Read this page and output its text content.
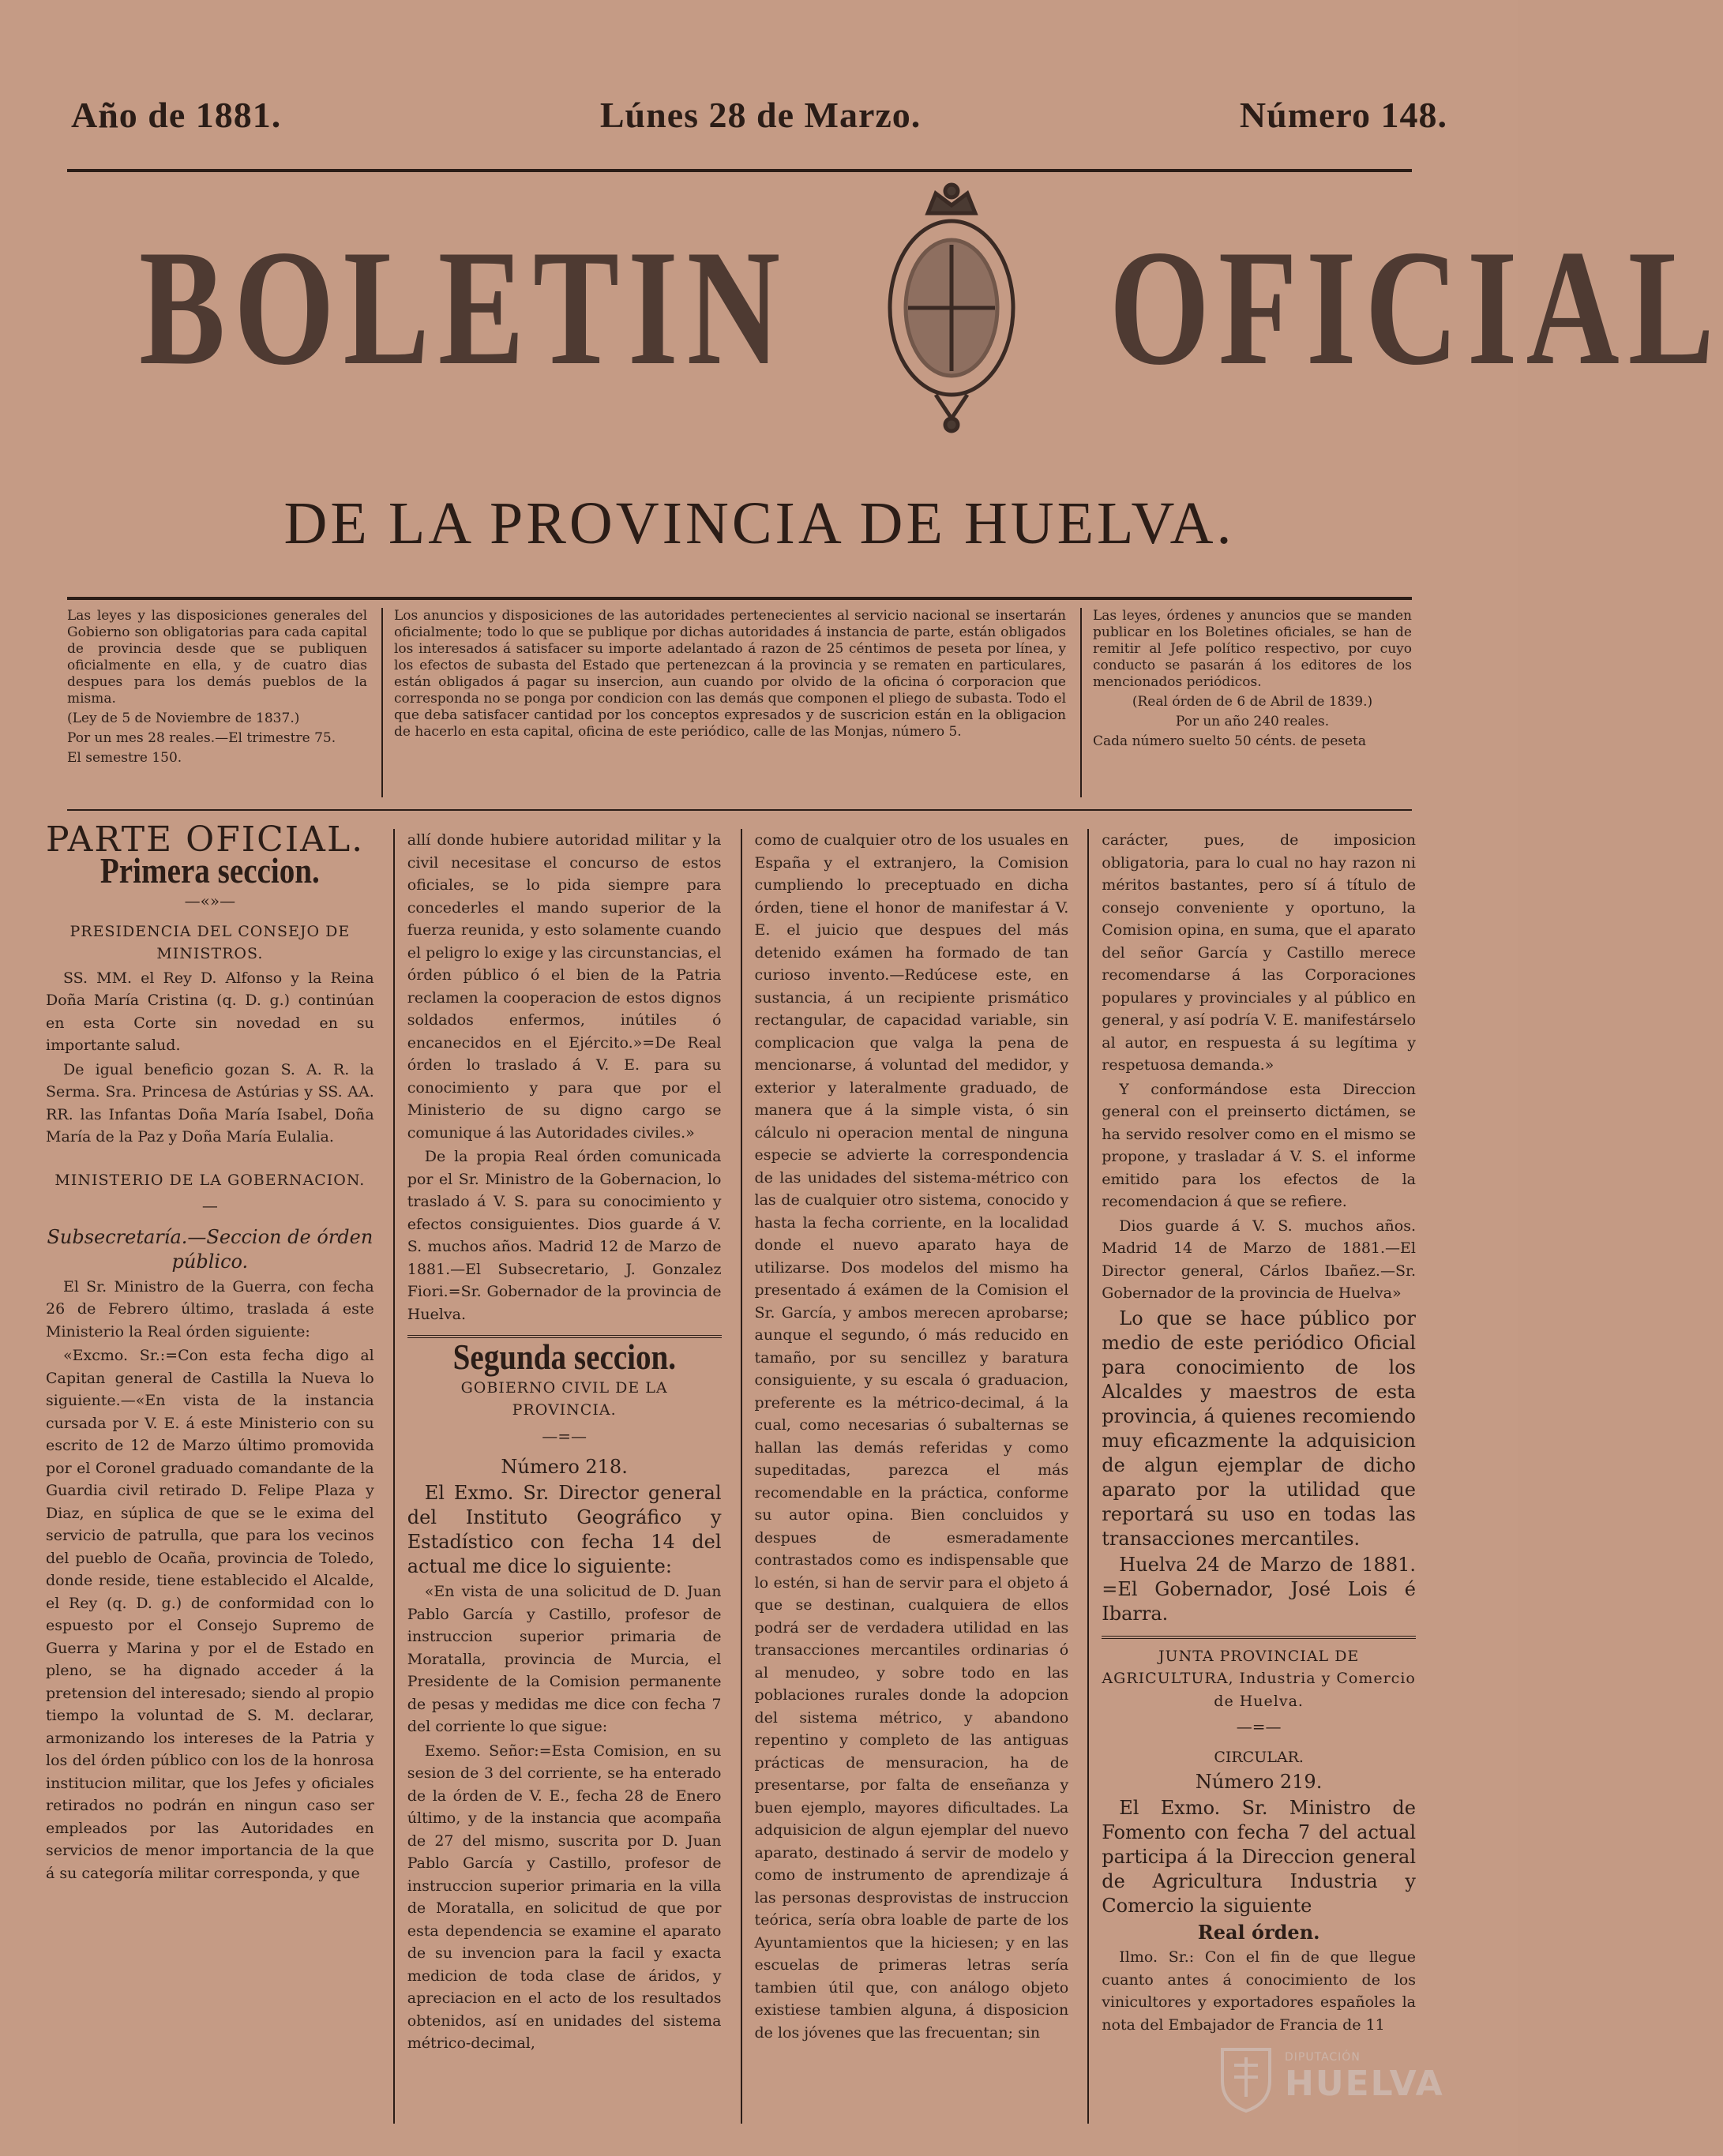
Año de 1881.	Lúnes 28 de Marzo.	Número 148.
BOLETIN OFICIAL
DE LA PROVINCIA DE HUELVA.

Las leyes y las disposiciones generales del Gobierno son obligatorias para cada capital de provincia desde que se publiquen oficialmente en ella, y de cuatro dias despues para los demás pueblos de la misma.

(Ley de 5 de Noviembre de 1837.)

Por un mes 28 reales.—El trimestre 75.

El semestre 150.

Los anuncios y disposiciones de las autoridades pertenecientes al servicio nacional se insertarán oficialmente; todo lo que se publique por dichas autoridades á instancia de parte, están obligados los interesados á satisfacer su importe adelantado á razon de 25 céntimos de peseta por línea, y los efectos de subasta del Estado que pertenezcan á la provincia y se rematen en particulares, están obligados á pagar su insercion, aun cuando por olvido de la oficina ó corporacion que corresponda no se ponga por condicion con las demás que componen el pliego de subasta. Todo el que deba satisfacer cantidad por los conceptos expresados y de suscricion están en la obligacion de hacerlo en esta capital, oficina de este periódico, calle de las Monjas, número 5.

Las leyes, órdenes y anuncios que se manden publicar en los Boletines oficiales, se han de remitir al Jefe político respectivo, por cuyo conducto se pasarán á los editores de los mencionados periódicos.

(Real órden de 6 de Abril de 1839.)

Por un año 240 reales.

Cada número suelto 50 cénts. de peseta

PARTE OFICIAL.

Primera seccion.
—«»—

PRESIDENCIA DEL CONSEJO DE MINISTROS.

SS. MM. el Rey D. Alfonso y la Reina Doña María Cristina (q. D. g.) continúan en esta Corte sin novedad en su importante salud.

De igual beneficio gozan S. A. R. la Serma. Sra. Princesa de Astúrias y SS. AA. RR. las Infantas Doña María Isabel, Doña María de la Paz y Doña María Eulalia.

MINISTERIO DE LA GOBERNACION.

—

Subsecretaría.—Seccion de órden público.

El Sr. Ministro de la Guerra, con fecha 26 de Febrero último, traslada á este Ministerio la Real órden siguiente:

«Excmo. Sr.:=Con esta fecha digo al Capitan general de Castilla la Nueva lo siguiente.—«En vista de la instancia cursada por V. E. á este Ministerio con su escrito de 12 de Marzo último promovida por el Coronel graduado comandante de la Guardia civil retirado D. Felipe Plaza y Diaz, en súplica de que se le exima del servicio de patrulla, que para los vecinos del pueblo de Ocaña, provincia de Toledo, donde reside, tiene establecido el Alcalde, el Rey (q. D. g.) de conformidad con lo espuesto por el Consejo Supremo de Guerra y Marina y por el de Estado en pleno, se ha dignado acceder á la pretension del interesado; siendo al propio tiempo la voluntad de S. M. declarar, armonizando los intereses de la Patria y los del órden público con los de la honrosa institucion militar, que los Jefes y oficiales retirados no podrán en ningun caso ser empleados por las Autoridades en servicios de menor importancia de la que á su categoría militar corresponda, y que

allí donde hubiere autoridad militar y la civil necesitase el concurso de estos oficiales, se lo pida siempre para concederles el mando superior de la fuerza reunida, y esto solamente cuando el peligro lo exige y las circunstancias, el órden público ó el bien de la Patria reclamen la cooperacion de estos dignos soldados enfermos, inútiles ó encanecidos en el Ejército.»=De Real órden lo traslado á V. E. para su conocimiento y para que por el Ministerio de su digno cargo se comunique á las Autoridades civiles.»

De la propia Real órden comunicada por el Sr. Ministro de la Gobernacion, lo traslado á V. S. para su conocimiento y efectos consiguientes. Dios guarde á V. S. muchos años. Madrid 12 de Marzo de 1881.—El Subsecretario, J. Gonzalez Fiori.=Sr. Gobernador de la provincia de Huelva.

Segunda seccion.

GOBIERNO CIVIL DE LA PROVINCIA.

—=—

Número 218.

El Exmo. Sr. Director general del Instituto Geográfico y Estadístico con fecha 14 del actual me dice lo siguiente:

«En vista de una solicitud de D. Juan Pablo García y Castillo, profesor de instruccion superior primaria de Moratalla, provincia de Murcia, el Presidente de la Comision permanente de pesas y medidas me dice con fecha 7 del corriente lo que sigue:

Exemo. Señor:=Esta Comision, en su sesion de 3 del corriente, se ha enterado de la órden de V. E., fecha 28 de Enero último, y de la instancia que acompaña de 27 del mismo, suscrita por D. Juan Pablo García y Castillo, profesor de instruccion superior primaria en la villa de Moratalla, en solicitud de que por esta dependencia se examine el aparato de su invencion para la facil y exacta medicion de toda clase de áridos, y apreciacion en el acto de los resultados obtenidos, así en unidades del sistema métrico-decimal,

como de cualquier otro de los usuales en España y el extranjero, la Comision cumpliendo lo preceptuado en dicha órden, tiene el honor de manifestar á V. E. el juicio que despues del más detenido exámen ha formado de tan curioso invento.—Redúcese este, en sustancia, á un recipiente prismático rectangular, de capacidad variable, sin complicacion que valga la pena de mencionarse, á voluntad del medidor, y exterior y lateralmente graduado, de manera que á la simple vista, ó sin cálculo ni operacion mental de ninguna especie se advierte la correspondencia de las unidades del sistema-métrico con las de cualquier otro sistema, conocido y hasta la fecha corriente, en la localidad donde el nuevo aparato haya de utilizarse. Dos modelos del mismo ha presentado á exámen de la Comision el Sr. García, y ambos merecen aprobarse; aunque el segundo, ó más reducido en tamaño, por su sencillez y baratura consiguiente, y su escala ó graduacion, preferente es la métrico-decimal, á la cual, como necesarias ó subalternas se hallan las demás referidas y como supeditadas, parezca el más recomendable en la práctica, conforme su autor opina. Bien concluidos y despues de esmeradamente contrastados como es indispensable que lo estén, si han de servir para el objeto á que se destinan, cualquiera de ellos podrá ser de verdadera utilidad en las transacciones mercantiles ordinarias ó al menudeo, y sobre todo en las poblaciones rurales donde la adopcion del sistema métrico, y abandono repentino y completo de las antiguas prácticas de mensuracion, ha de presentarse, por falta de enseñanza y buen ejemplo, mayores dificultades. La adquisicion de algun ejemplar del nuevo aparato, destinado á servir de modelo y como de instrumento de aprendizaje á las personas desprovistas de instruccion teórica, sería obra loable de parte de los Ayuntamientos que la hiciesen; y en las escuelas de primeras letras sería tambien útil que, con análogo objeto existiese tambien alguna, á disposicion de los jóvenes que las frecuentan; sin

carácter, pues, de imposicion obligatoria, para lo cual no hay razon ni méritos bastantes, pero sí á título de consejo conveniente y oportuno, la Comision opina, en suma, que el aparato del señor García y Castillo merece recomendarse á las Corporaciones populares y provinciales y al público en general, y así podría V. E. manifestárselo al autor, en respuesta á su legítima y respetuosa demanda.»

Y conformándose esta Direccion general con el preinserto dictámen, se ha servido resolver como en el mismo se propone, y trasladar á V. S. el informe emitido para los efectos de la recomendacion á que se refiere.

Dios guarde á V. S. muchos años. Madrid 14 de Marzo de 1881.—El Director general, Cárlos Ibañez.—Sr. Gobernador de la provincia de Huelva»

Lo que se hace público por medio de este periódico Oficial para conocimiento de los Alcaldes y maestros de esta provincia, á quienes recomiendo muy eficazmente la adquisicion de algun ejemplar de dicho aparato por la utilidad que reportará su uso en todas las transacciones mercantiles.

Huelva 24 de Marzo de 1881. =El Gobernador, José Lois é Ibarra.

JUNTA PROVINCIAL DE AGRICULTURA, Industria y Comercio de Huelva.

—=—

CIRCULAR.

Número 219.

El Exmo. Sr. Ministro de Fomento con fecha 7 del actual participa á la Direccion general de Agricultura Industria y Comercio la siguiente

Real órden.

Ilmo. Sr.: Con el fin de que llegue cuanto antes á conocimiento de los vinicultores y exportadores españoles la nota del Embajador de Francia de 11

DIPUTACIÓN
HUELVA
